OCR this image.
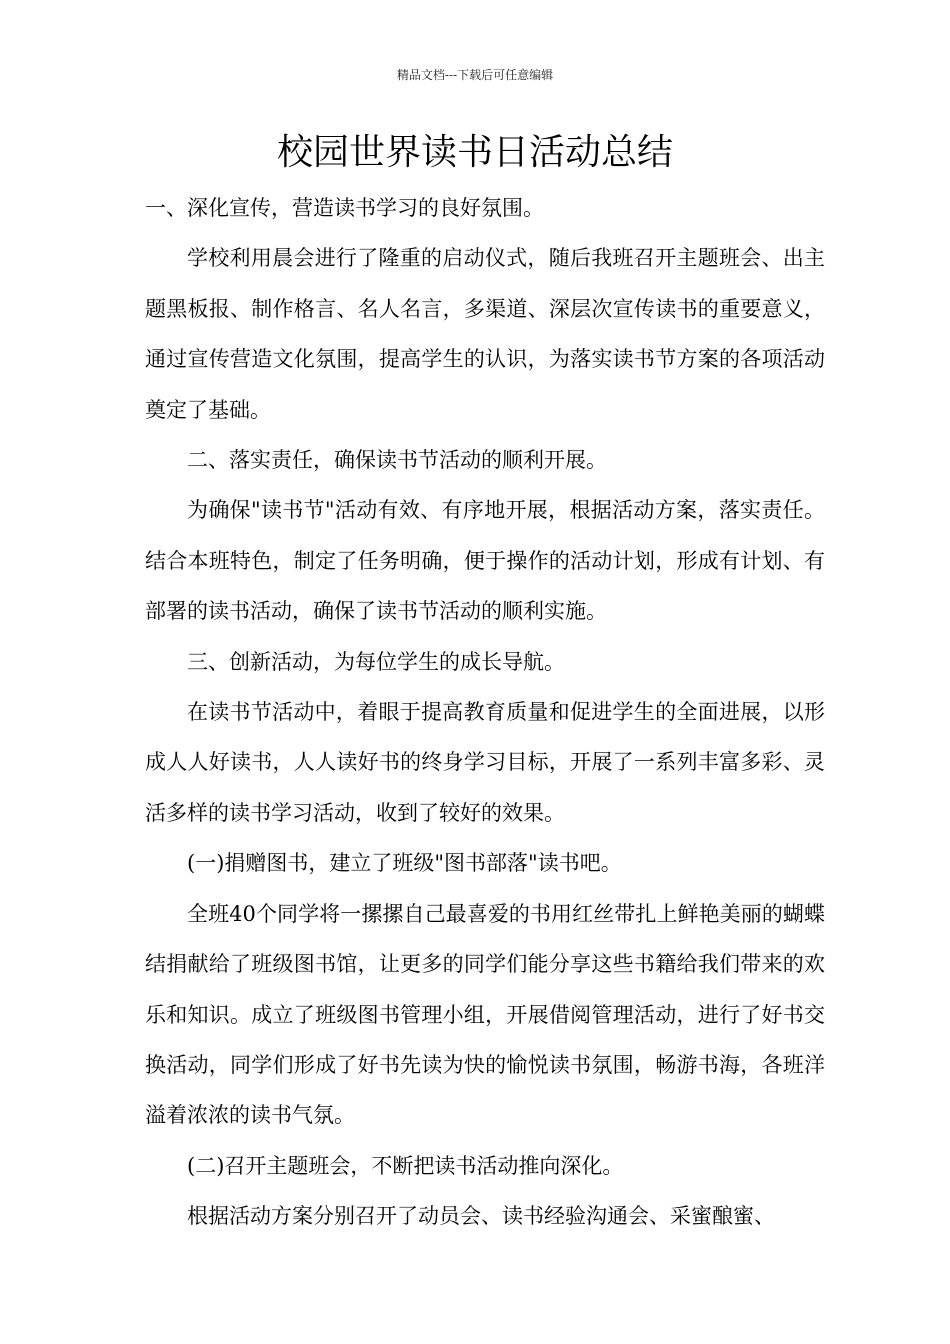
精品文档---下载后可任意编辑
校园世界读书日活动总结

一、深化宣传，营造读书学习的良好氛围。

学校利用晨会进行了隆重的启动仪式，随后我班召开主题班会、出主题黑板报、制作格言、名人名言，多渠道、深层次宣传读书的重要意义，通过宣传营造文化氛围，提高学生的认识，为落实读书节方案的各项活动奠定了基础。

二、落实责任，确保读书节活动的顺利开展。

为确保"读书节"活动有效、有序地开展，根据活动方案，落实责任。结合本班特色，制定了任务明确，便于操作的活动计划，形成有计划、有部署的读书活动，确保了读书节活动的顺利实施。

三、创新活动，为每位学生的成长导航。

在读书节活动中，着眼于提高教育质量和促进学生的全面进展，以形成人人好读书，人人读好书的终身学习目标，开展了一系列丰富多彩、灵活多样的读书学习活动，收到了较好的效果。

(一)捐赠图书，建立了班级"图书部落"读书吧。

全班40个同学将一摞摞自己最喜爱的书用红丝带扎上鲜艳美丽的蝴蝶结捐献给了班级图书馆，让更多的同学们能分享这些书籍给我们带来的欢乐和知识。成立了班级图书管理小组，开展借阅管理活动，进行了好书交换活动，同学们形成了好书先读为快的愉悦读书氛围，畅游书海，各班洋溢着浓浓的读书气氛。

(二)召开主题班会，不断把读书活动推向深化。

根据活动方案分别召开了动员会、读书经验沟通会、采蜜酿蜜、
